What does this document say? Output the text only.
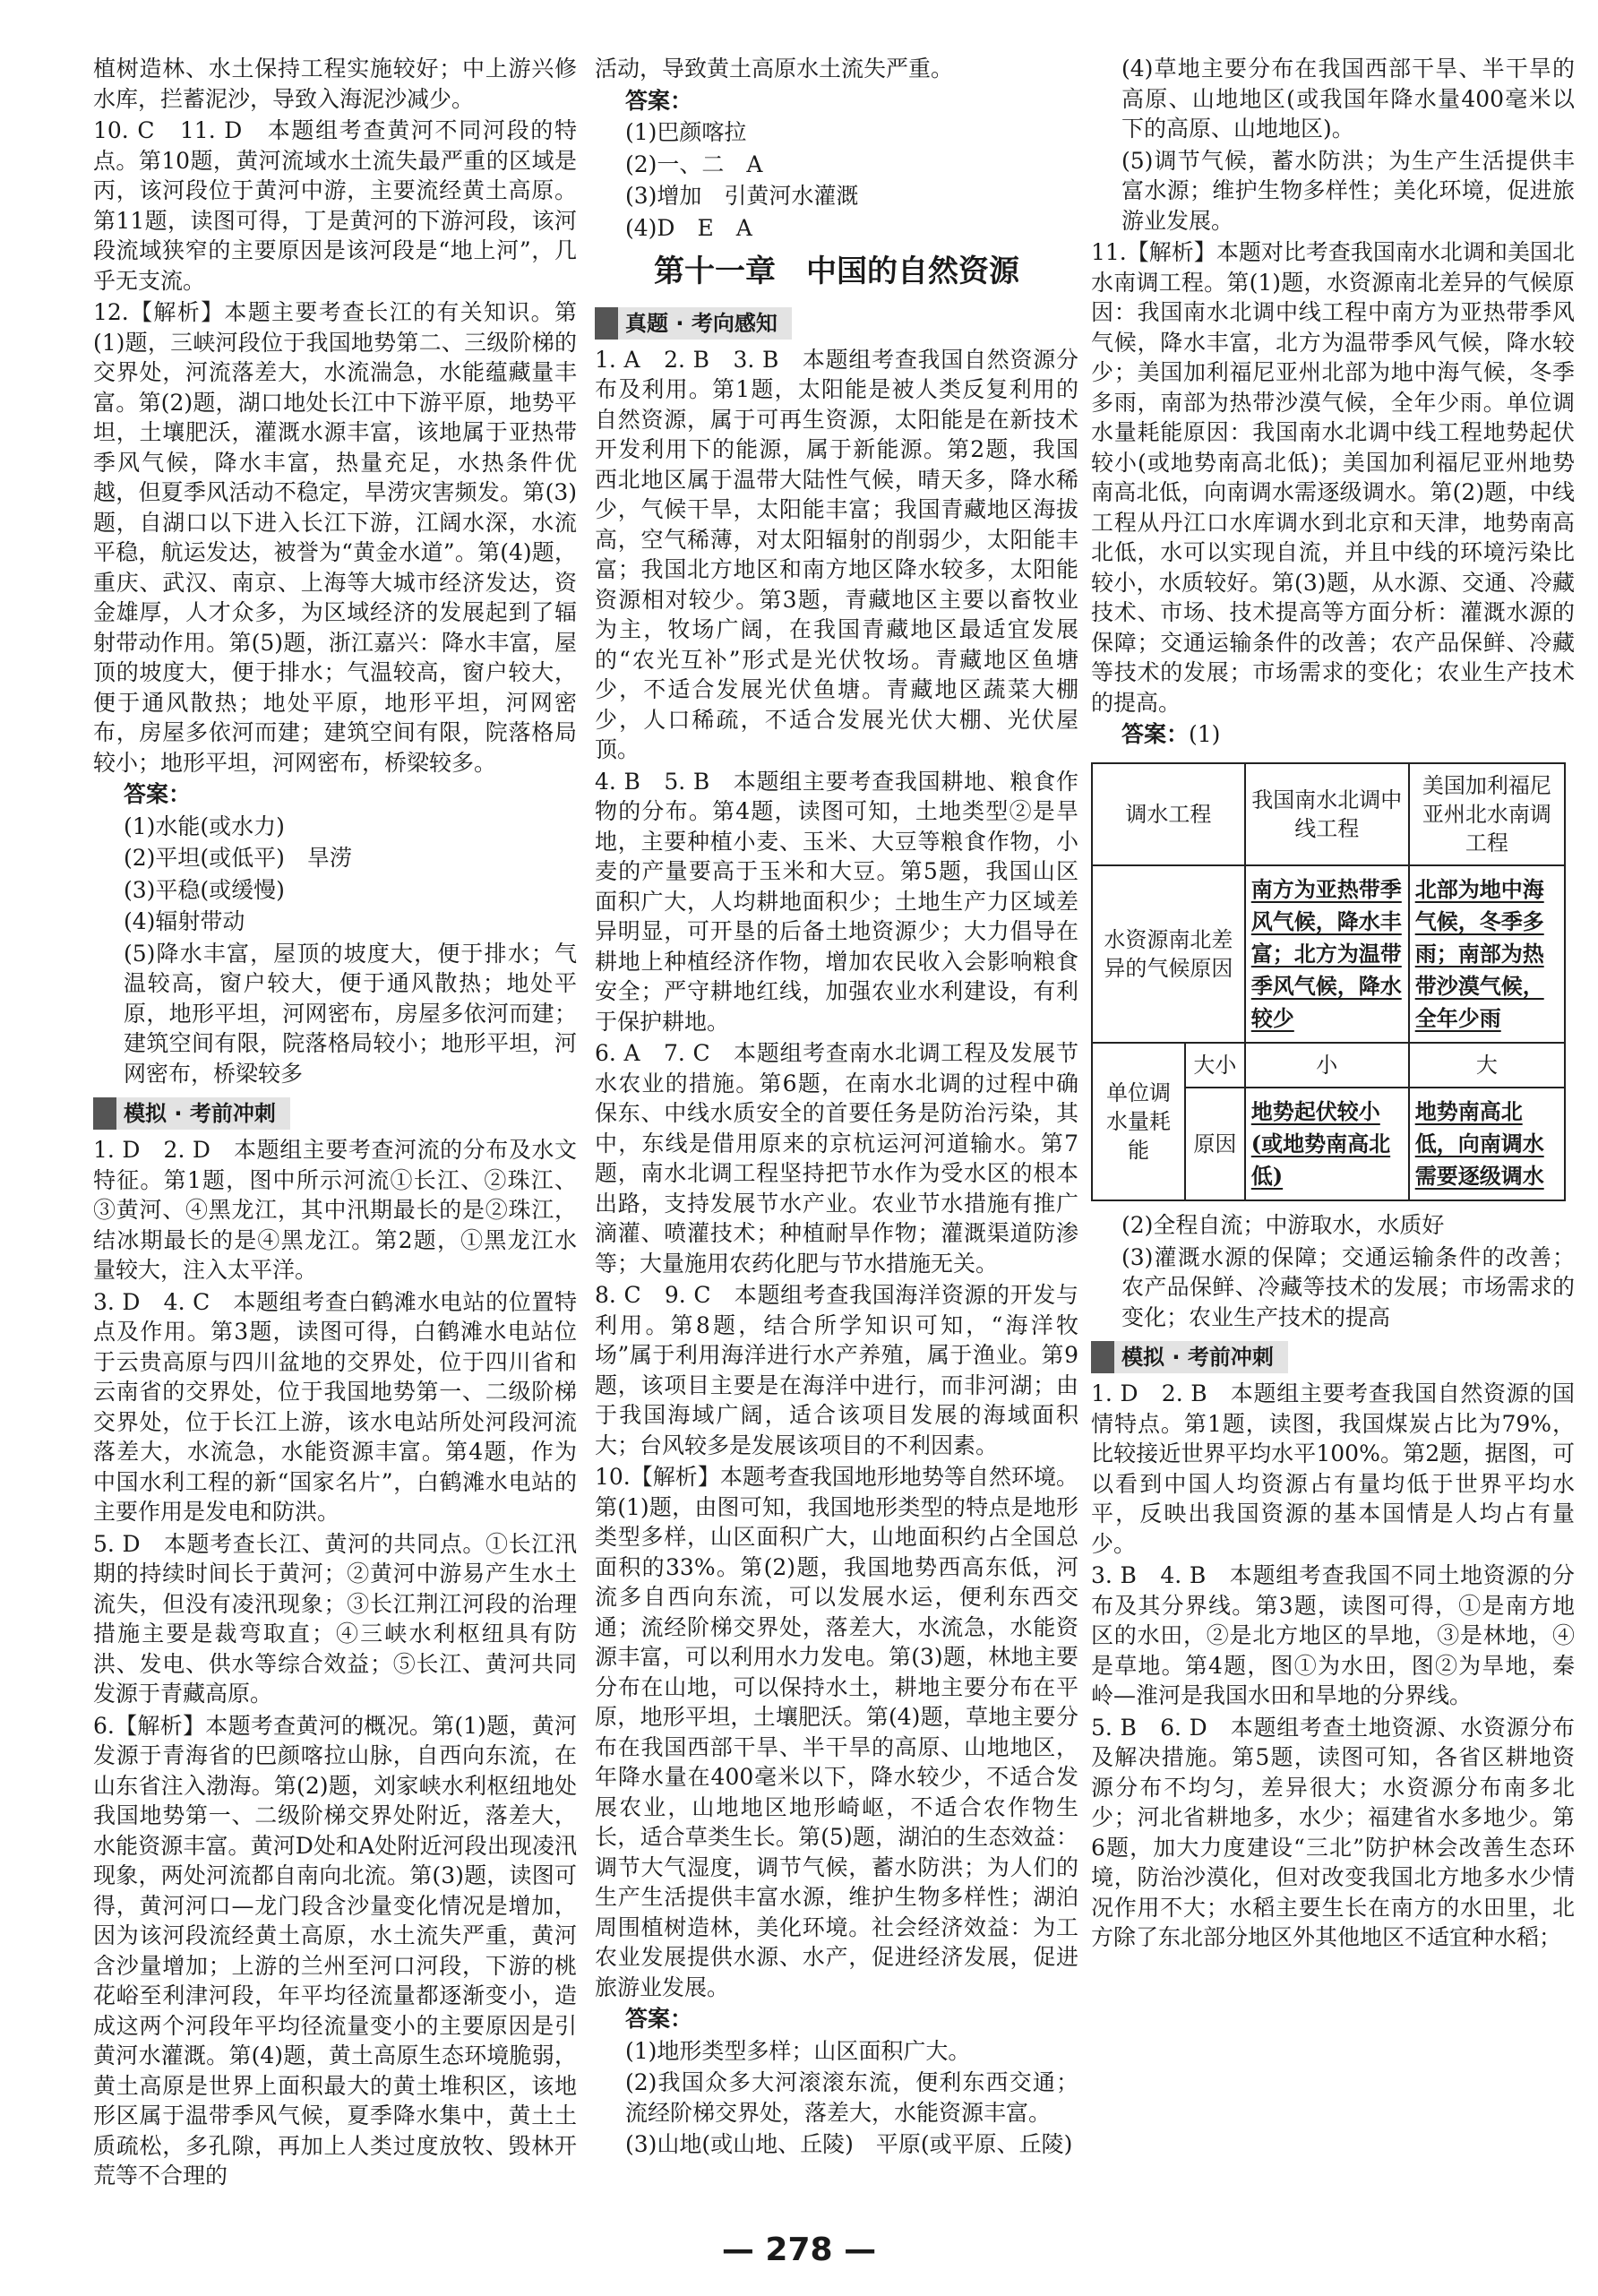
植树造林、水土保持工程实施较好；中上游兴修水库，拦蓄泥沙，导致入海泥沙减少。

10. C　11. D　本题组考查黄河不同河段的特点。第10题，黄河流域水土流失最严重的区域是丙，该河段位于黄河中游，主要流经黄土高原。第11题，读图可得，丁是黄河的下游河段，该河段流域狭窄的主要原因是该河段是“地上河”，几乎无支流。

12.【解析】本题主要考查长江的有关知识。第(1)题，三峡河段位于我国地势第二、三级阶梯的交界处，河流落差大，水流湍急，水能蕴藏量丰富。第(2)题，湖口地处长江中下游平原，地势平坦，土壤肥沃，灌溉水源丰富，该地属于亚热带季风气候，降水丰富，热量充足，水热条件优越，但夏季风活动不稳定，旱涝灾害频发。第(3)题，自湖口以下进入长江下游，江阔水深，水流平稳，航运发达，被誉为“黄金水道”。第(4)题，重庆、武汉、南京、上海等大城市经济发达，资金雄厚，人才众多，为区域经济的发展起到了辐射带动作用。第(5)题，浙江嘉兴：降水丰富，屋顶的坡度大，便于排水；气温较高，窗户较大，便于通风散热；地处平原，地形平坦，河网密布，房屋多依河而建；建筑空间有限，院落格局较小；地形平坦，河网密布，桥梁较多。

答案：

(1)水能(或水力)

(2)平坦(或低平)　旱涝

(3)平稳(或缓慢)

(4)辐射带动

(5)降水丰富，屋顶的坡度大，便于排水；气温较高，窗户较大，便于通风散热；地处平原，地形平坦，河网密布，房屋多依河而建；建筑空间有限，院落格局较小；地形平坦，河网密布，桥梁较多

模拟 · 考前冲刺

1. D　2. D　本题组主要考查河流的分布及水文特征。第1题，图中所示河流①长江、②珠江、③黄河、④黑龙江，其中汛期最长的是②珠江，结冰期最长的是④黑龙江。第2题，①黑龙江水量较大，注入太平洋。

3. D　4. C　本题组考查白鹤滩水电站的位置特点及作用。第3题，读图可得，白鹤滩水电站位于云贵高原与四川盆地的交界处，位于四川省和云南省的交界处，位于我国地势第一、二级阶梯交界处，位于长江上游，该水电站所处河段河流落差大，水流急，水能资源丰富。第4题，作为中国水利工程的新“国家名片”，白鹤滩水电站的主要作用是发电和防洪。

5. D　本题考查长江、黄河的共同点。①长江汛期的持续时间长于黄河；②黄河中游易产生水土流失，但没有凌汛现象；③长江荆江河段的治理措施主要是裁弯取直；④三峡水利枢纽具有防洪、发电、供水等综合效益；⑤长江、黄河共同发源于青藏高原。

6.【解析】本题考查黄河的概况。第(1)题，黄河发源于青海省的巴颜喀拉山脉，自西向东流，在山东省注入渤海。第(2)题，刘家峡水利枢纽地处我国地势第一、二级阶梯交界处附近，落差大，水能资源丰富。黄河D处和A处附近河段出现凌汛现象，两处河流都自南向北流。第(3)题，读图可得，黄河河口—龙门段含沙量变化情况是增加，因为该河段流经黄土高原，水土流失严重，黄河含沙量增加；上游的兰州至河口河段，下游的桃花峪至利津河段，年平均径流量都逐渐变小，造成这两个河段年平均径流量变小的主要原因是引黄河水灌溉。第(4)题，黄土高原生态环境脆弱，黄土高原是世界上面积最大的黄土堆积区，该地形区属于温带季风气候，夏季降水集中，黄土土质疏松，多孔隙，再加上人类过度放牧、毁林开荒等不合理的

活动，导致黄土高原水土流失严重。

答案：

(1)巴颜喀拉

(2)一、二　A

(3)增加　引黄河水灌溉

(4)D　E　A

第十一章　中国的自然资源
真题 · 考向感知

1. A　2. B　3. B　本题组考查我国自然资源分布及利用。第1题，太阳能是被人类反复利用的自然资源，属于可再生资源，太阳能是在新技术开发利用下的能源，属于新能源。第2题，我国西北地区属于温带大陆性气候，晴天多，降水稀少，气候干旱，太阳能丰富；我国青藏地区海拔高，空气稀薄，对太阳辐射的削弱少，太阳能丰富；我国北方地区和南方地区降水较多，太阳能资源相对较少。第3题，青藏地区主要以畜牧业为主，牧场广阔，在我国青藏地区最适宜发展的“农光互补”形式是光伏牧场。青藏地区鱼塘少，不适合发展光伏鱼塘。青藏地区蔬菜大棚少，人口稀疏，不适合发展光伏大棚、光伏屋顶。

4. B　5. B　本题组主要考查我国耕地、粮食作物的分布。第4题，读图可知，土地类型②是旱地，主要种植小麦、玉米、大豆等粮食作物，小麦的产量要高于玉米和大豆。第5题，我国山区面积广大，人均耕地面积少；土地生产力区域差异明显，可开垦的后备土地资源少；大力倡导在耕地上种植经济作物，增加农民收入会影响粮食安全；严守耕地红线，加强农业水利建设，有利于保护耕地。

6. A　7. C　本题组考查南水北调工程及发展节水农业的措施。第6题，在南水北调的过程中确保东、中线水质安全的首要任务是防治污染，其中，东线是借用原来的京杭运河河道输水。第7题，南水北调工程坚持把节水作为受水区的根本出路，支持发展节水产业。农业节水措施有推广滴灌、喷灌技术；种植耐旱作物；灌溉渠道防渗等；大量施用农药化肥与节水措施无关。

8. C　9. C　本题组考查我国海洋资源的开发与利用。第8题，结合所学知识可知，“海洋牧场”属于利用海洋进行水产养殖，属于渔业。第9题，该项目主要是在海洋中进行，而非河湖；由于我国海域广阔，适合该项目发展的海域面积大；台风较多是发展该项目的不利因素。

10.【解析】本题考查我国地形地势等自然环境。第(1)题，由图可知，我国地形类型的特点是地形类型多样，山区面积广大，山地面积约占全国总面积的33%。第(2)题，我国地势西高东低，河流多自西向东流，可以发展水运，便利东西交通；流经阶梯交界处，落差大，水流急，水能资源丰富，可以利用水力发电。第(3)题，林地主要分布在山地，可以保持水土，耕地主要分布在平原，地形平坦，土壤肥沃。第(4)题，草地主要分布在我国西部干旱、半干旱的高原、山地地区，年降水量在400毫米以下，降水较少，不适合发展农业，山地地区地形崎岖，不适合农作物生长，适合草类生长。第(5)题，湖泊的生态效益：调节大气湿度，调节气候，蓄水防洪；为人们的生产生活提供丰富水源，维护生物多样性；湖泊周围植树造林，美化环境。社会经济效益：为工农业发展提供水源、水产，促进经济发展，促进旅游业发展。

答案：

(1)地形类型多样；山区面积广大。

(2)我国众多大河滚滚东流，便利东西交通；流经阶梯交界处，落差大，水能资源丰富。

(3)山地(或山地、丘陵)　平原(或平原、丘陵)

(4)草地主要分布在我国西部干旱、半干旱的高原、山地地区(或我国年降水量400毫米以下的高原、山地地区)。

(5)调节气候，蓄水防洪；为生产生活提供丰富水源；维护生物多样性；美化环境，促进旅游业发展。

11.【解析】本题对比考查我国南水北调和美国北水南调工程。第(1)题，水资源南北差异的气候原因：我国南水北调中线工程中南方为亚热带季风气候，降水丰富，北方为温带季风气候，降水较少；美国加利福尼亚州北部为地中海气候，冬季多雨，南部为热带沙漠气候，全年少雨。单位调水量耗能原因：我国南水北调中线工程地势起伏较小(或地势南高北低)；美国加利福尼亚州地势南高北低，向南调水需逐级调水。第(2)题，中线工程从丹江口水库调水到北京和天津，地势南高北低，水可以实现自流，并且中线的环境污染比较小，水质较好。第(3)题，从水源、交通、冷藏技术、市场、技术提高等方面分析：灌溉水源的保障；交通运输条件的改善；农产品保鲜、冷藏等技术的发展；市场需求的变化；农业生产技术的提高。

答案：(1)

调水工程		我国南水北调中线工程	美国加利福尼亚州北水南调工程
水资源南北差异的气候原因		南方为亚热带季风气候，降水丰富；北方为温带季风气候，降水较少	北部为地中海气候，冬季多雨；南部为热带沙漠气候，全年少雨
单位调水量耗能	大小	小	大
	原因	地势起伏较小(或地势南高北低)	地势南高北低，向南调水需要逐级调水

(2)全程自流；中游取水，水质好

(3)灌溉水源的保障；交通运输条件的改善；农产品保鲜、冷藏等技术的发展；市场需求的变化；农业生产技术的提高

模拟 · 考前冲刺

1. D　2. B　本题组主要考查我国自然资源的国情特点。第1题，读图，我国煤炭占比为79%，比较接近世界平均水平100%。第2题，据图，可以看到中国人均资源占有量均低于世界平均水平，反映出我国资源的基本国情是人均占有量少。

3. B　4. B　本题组考查我国不同土地资源的分布及其分界线。第3题，读图可得，①是南方地区的水田，②是北方地区的旱地，③是林地，④是草地。第4题，图①为水田，图②为旱地，秦岭—淮河是我国水田和旱地的分界线。

5. B　6. D　本题组考查土地资源、水资源分布及解决措施。第5题，读图可知，各省区耕地资源分布不均匀，差异很大；水资源分布南多北少；河北省耕地多，水少；福建省水多地少。第6题，加大力度建设“三北”防护林会改善生态环境，防治沙漠化，但对改变我国北方地多水少情况作用不大；水稻主要生长在南方的水田里，北方除了东北部分地区外其他地区不适宜种水稻；

— 278 —
